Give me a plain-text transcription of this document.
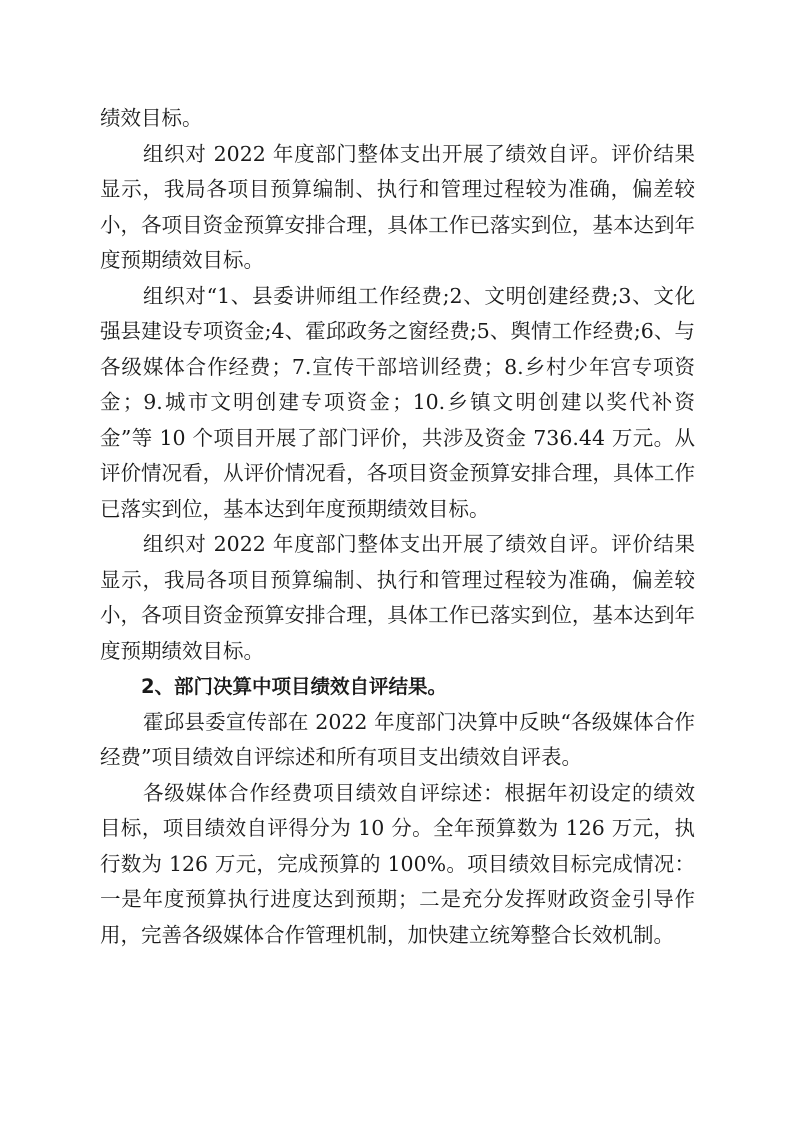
绩效目标。

组织对 2022 年度部门整体支出开展了绩效自评。评价结果显示，我局各项目预算编制、执行和管理过程较为准确，偏差较小，各项目资金预算安排合理，具体工作已落实到位，基本达到年度预期绩效目标。

组织对“1、县委讲师组工作经费;2、文明创建经费;3、文化强县建设专项资金;4、霍邱政务之窗经费;5、舆情工作经费;6、与各级媒体合作经费；7.宣传干部培训经费；8.乡村少年宫专项资金；9.城市文明创建专项资金；10.乡镇文明创建以奖代补资金”等 10 个项目开展了部门评价，共涉及资金 736.44 万元。从评价情况看，从评价情况看，各项目资金预算安排合理，具体工作已落实到位，基本达到年度预期绩效目标。

组织对 2022 年度部门整体支出开展了绩效自评。评价结果显示，我局各项目预算编制、执行和管理过程较为准确，偏差较小，各项目资金预算安排合理，具体工作已落实到位，基本达到年度预期绩效目标。

2、部门决算中项目绩效自评结果。

霍邱县委宣传部在 2022 年度部门决算中反映“各级媒体合作经费”项目绩效自评综述和所有项目支出绩效自评表。

各级媒体合作经费项目绩效自评综述：根据年初设定的绩效目标，项目绩效自评得分为 10 分。全年预算数为 126 万元，执行数为 126 万元，完成预算的 100%。项目绩效目标完成情况：一是年度预算执行进度达到预期；二是充分发挥财政资金引导作用，完善各级媒体合作管理机制，加快建立统筹整合长效机制。
